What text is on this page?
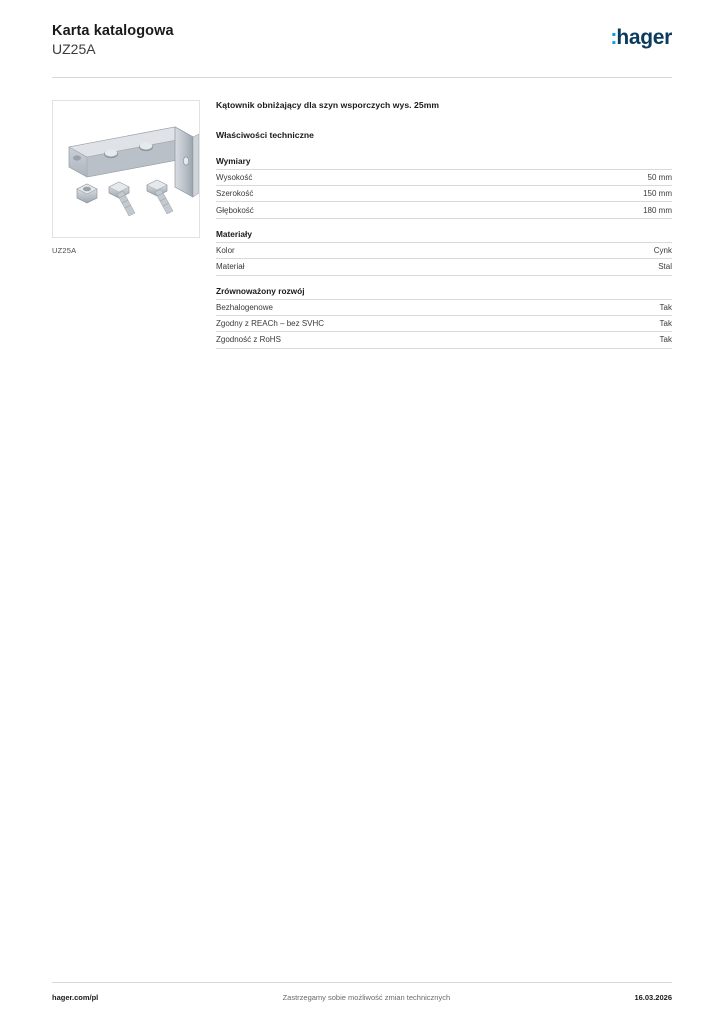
Karta katalogowa
UZ25A
:hager
UZ25A
Kątownik obniżający dla szyn wsporczych wys. 25mm
Właściwości techniczne
Wymiary
Wysokość	50 mm
Szerokość	150 mm
Głębokość	180 mm
Materiały
Kolor	Cynk
Materiał	Stal
Zrównoważony rozwój
Bezhalogenowe	Tak
Zgodny z REACh – bez SVHC	Tak
Zgodność z RoHS	Tak
hager.com/pl	Zastrzegamy sobie możliwość zmian technicznych	16.03.2026
